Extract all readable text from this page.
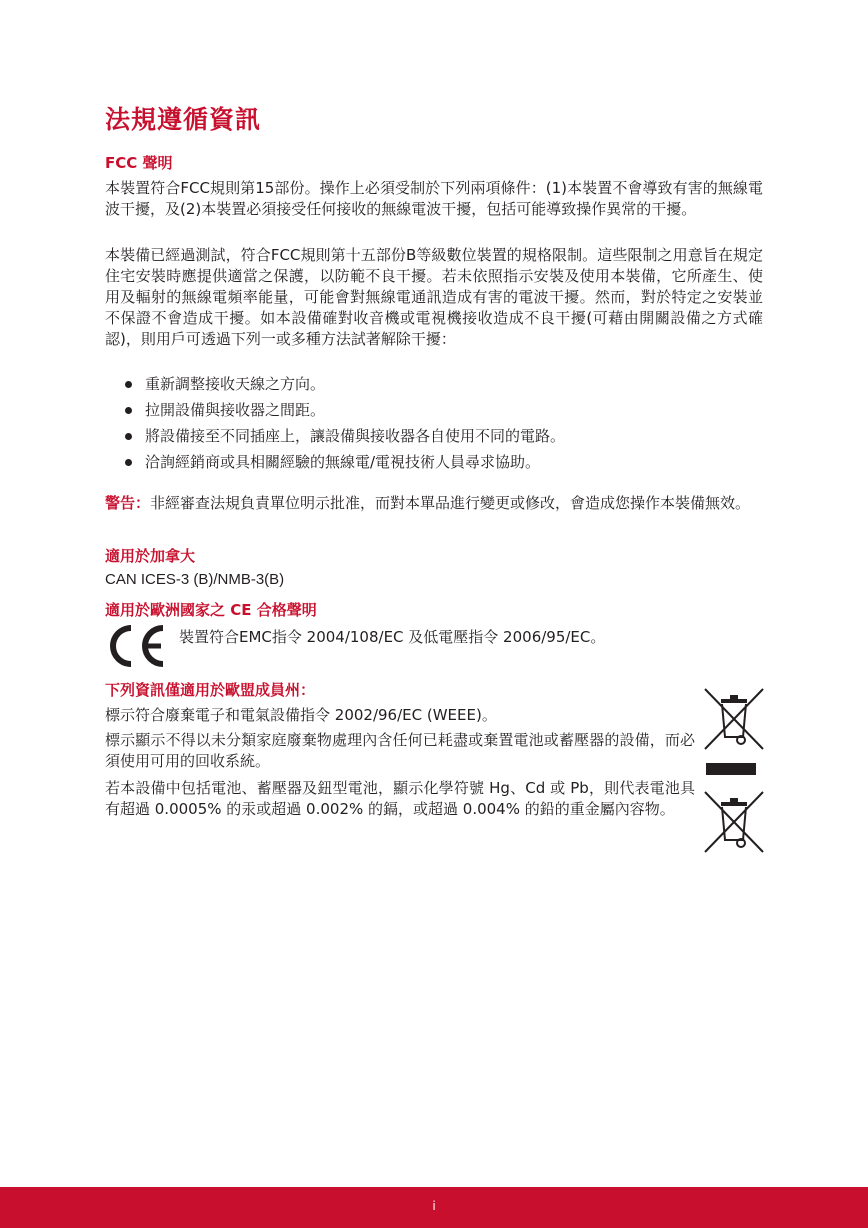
法規遵循資訊
FCC 聲明

本裝置符合FCC規則第15部份。操作上必須受制於下列兩項條件：(1)本裝置不會導致有害的無線電波干擾，及(2)本裝置必須接受任何接收的無線電波干擾，包括可能導致操作異常的干擾。

本裝備已經過測試，符合FCC規則第十五部份B等級數位裝置的規格限制。這些限制之用意旨在規定住宅安裝時應提供適當之保護，以防範不良干擾。若未依照指示安裝及使用本裝備，它所產生、使用及輻射的無線電頻率能量，可能會對無線電通訊造成有害的電波干擾。然而，對於特定之安裝並不保證不會造成干擾。如本設備確對收音機或電視機接收造成不良干擾(可藉由開關設備之方式確認)，則用戶可透過下列一或多種方法試著解除干擾：

重新調整接收天線之方向。
拉開設備與接收器之間距。
將設備接至不同插座上，讓設備與接收器各自使用不同的電路。
洽詢經銷商或具相關經驗的無線電/電視技術人員尋求協助。

警告：非經審查法規負責單位明示批准，而對本單品進行變更或修改，會造成您操作本裝備無效。

適用於加拿大

CAN ICES-3 (B)/NMB-3(B)

適用於歐洲國家之 CE 合格聲明

裝置符合EMC指令 2004/108/EC 及低電壓指令 2006/95/EC。

下列資訊僅適用於歐盟成員州：

標示符合廢棄電子和電氣設備指令 2002/96/EC (WEEE)。

標示顯示不得以未分類家庭廢棄物處理內含任何已耗盡或棄置電池或蓄壓器的設備，而必須使用可用的回收系統。

若本設備中包括電池、蓄壓器及鈕型電池，顯示化學符號 Hg、Cd 或 Pb，則代表電池具有超過 0.0005% 的汞或超過 0.002% 的鎘，或超過 0.004% 的鉛的重金屬內容物。

i
